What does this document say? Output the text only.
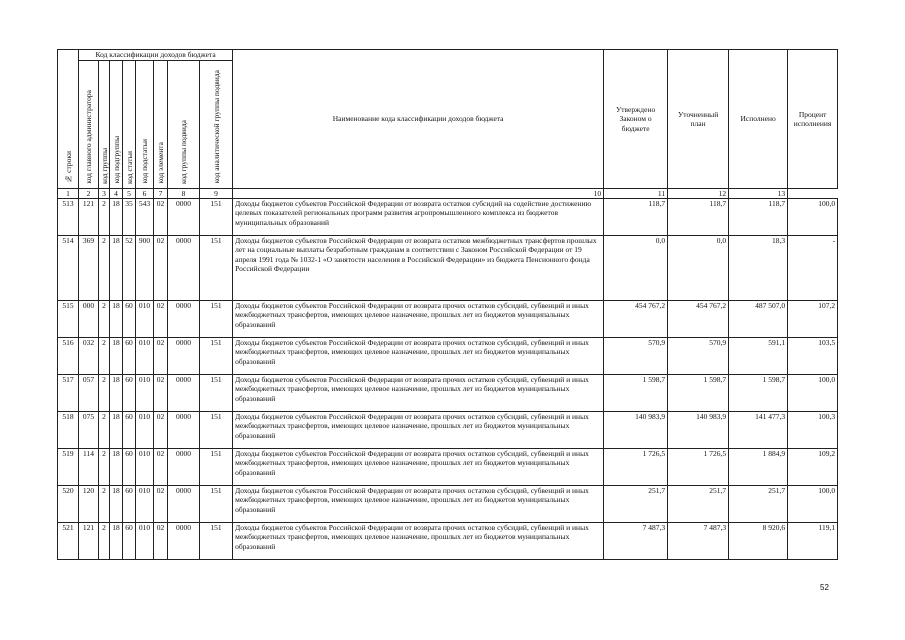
№ строки	Код классификации доходов бюджета								Наименование кода классификации доходов бюджета	Утверждено Законом о бюджете	Уточненный план	Исполнено	Процент исполнения
	код главного администратора	код группы	код подгруппы	код статьи	код подстатьи	код элемента	код группы подвида	код аналитической группы подвида					
1	2	3	4	5	6	7	8	9	10	11	12	13	
513	121	2	18	35	543	02	0000	151	Доходы бюджетов субъектов Российской Федерации от возврата остатков субсидий на содействие достижению целевых показателей региональных программ развития агропромышленного комплекса из бюджетов муниципальных образований	118,7	118,7	118,7	100,0
514	369	2	18	52	900	02	0000	151	Доходы бюджетов субъектов Российской Федерации от возврата остатков межбюджетных трансфертов прошлых лет на социальные выплаты безработным гражданам в соответствии с Законом Российской Федерации от 19 апреля 1991 года № 1032-1 «О занятости населения в Российской Федерации» из бюджета Пенсионного фонда Российской Федерации	0,0	0,0	18,3	-
515	000	2	18	60	010	02	0000	151	Доходы бюджетов субъектов Российской Федерации от возврата прочих остатков субсидий, субвенций и иных межбюджетных трансфертов, имеющих целевое назначение, прошлых лет из бюджетов муниципальных образований	454 767,2	454 767,2	487 507,0	107,2
516	032	2	18	60	010	02	0000	151	Доходы бюджетов субъектов Российской Федерации от возврата прочих остатков субсидий, субвенций и иных межбюджетных трансфертов, имеющих целевое назначение, прошлых лет из бюджетов муниципальных образований	570,9	570,9	591,1	103,5
517	057	2	18	60	010	02	0000	151	Доходы бюджетов субъектов Российской Федерации от возврата прочих остатков субсидий, субвенций и иных межбюджетных трансфертов, имеющих целевое назначение, прошлых лет из бюджетов муниципальных образований	1 598,7	1 598,7	1 598,7	100,0
518	075	2	18	60	010	02	0000	151	Доходы бюджетов субъектов Российской Федерации от возврата прочих остатков субсидий, субвенций и иных межбюджетных трансфертов, имеющих целевое назначение, прошлых лет из бюджетов муниципальных образований	140 983,9	140 983,9	141 477,3	100,3
519	114	2	18	60	010	02	0000	151	Доходы бюджетов субъектов Российской Федерации от возврата прочих остатков субсидий, субвенций и иных межбюджетных трансфертов, имеющих целевое назначение, прошлых лет из бюджетов муниципальных образований	1 726,5	1 726,5	1 884,9	109,2
520	120	2	18	60	010	02	0000	151	Доходы бюджетов субъектов Российской Федерации от возврата прочих остатков субсидий, субвенций и иных межбюджетных трансфертов, имеющих целевое назначение, прошлых лет из бюджетов муниципальных образований	251,7	251,7	251,7	100,0
521	121	2	18	60	010	02	0000	151	Доходы бюджетов субъектов Российской Федерации от возврата прочих остатков субсидий, субвенций и иных межбюджетных трансфертов, имеющих целевое назначение, прошлых лет из бюджетов муниципальных образований	7 487,3	7 487,3	8 920,6	119,1
52
